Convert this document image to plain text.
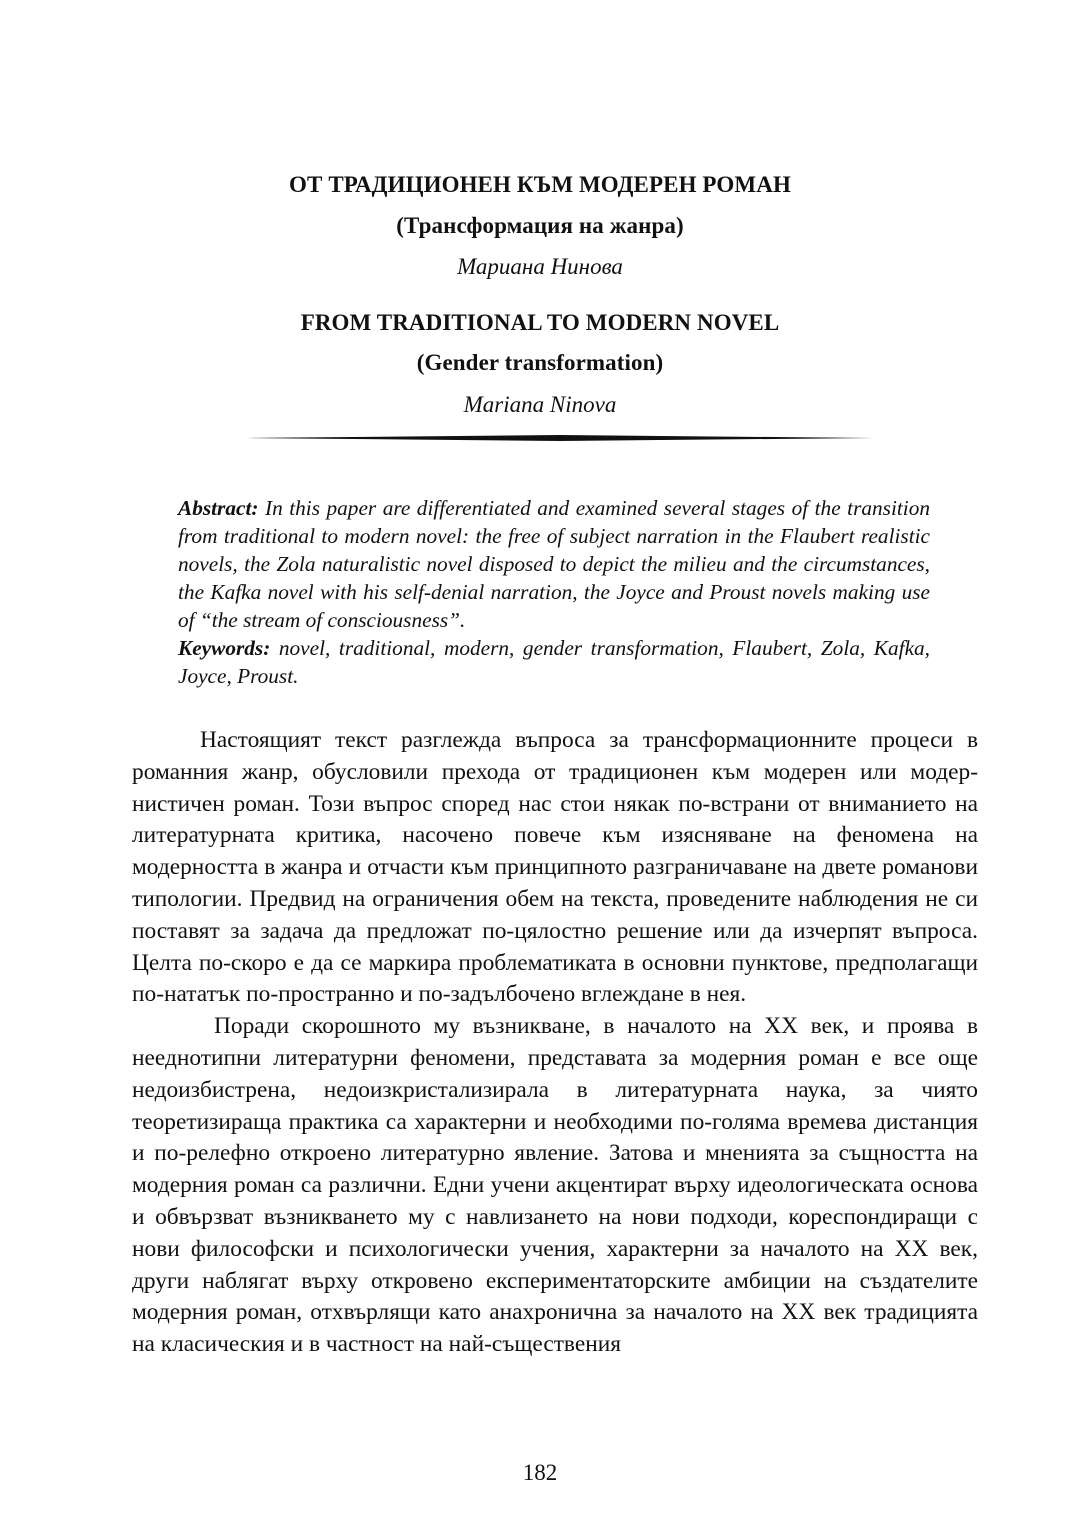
ОТ ТРАДИЦИОНЕН КЪМ МОДЕРЕН РОМАН
(Трансформация на жанра)
Мариана Нинова
FROM TRADITIONAL TO MODERN NOVEL
(Gender transformation)
Mariana Ninova

Abstract: In this paper are differentiated and examined several stages of the transition from traditional to modern novel: the free of subject narration in the Flaubert realistic novels, the Zola naturalistic novel disposed to depict the milieu and the circumstances, the Kafka novel with his self-denial narration, the Joyce and Proust novels making use of “the stream of consciousness”.

Keywords: novel, traditional, modern, gender transformation, Flaubert, Zola, Kafka, Joyce, Proust.

Настоящият текст разглежда въпроса за трансформационните процеси в романния жанр, обусловили прехода от традиционен към модерен или модернистичен роман. Този въпрос според нас стои някак по-встрани от вниманието на литературната критика, насочено повече към изясняване на феномена на модерността в жанра и отчасти към принципното разграничаване на двете романови типологии. Предвид на ограничения обем на текста, проведените наблюдения не си поставят за задача да предложат по-цялостно решение или да изчерпят въпроса. Целта по-скоро е да се маркира проблематиката в основни пунктове, предполагащи по-нататък по-пространно и по-задълбочено вглеждане в нея.

Поради скорошното му възникване, в началото на XX век, и проява в нееднотипни литературни феномени, представата за модерния роман е все още недоизбистрена, недоизкристализирала в литературната наука, за чиято теоретизираща практика са характерни и необходими по-голяма времева дистанция и по-релефно откроено литературно явление. Затова и мненията за същността на модерния роман са различни. Едни учени акцентират върху идеологическата основа и обвързват възникването му с навлизането на нови подходи, кореспондиращи с нови философски и психологически учения, характерни за началото на XX век, други наблягат върху откровено експериментаторските амбиции на създателите модерния роман, отхвърлящи като анахронична за началото на XX век традицията на класическия и в частност на най-съществения

182
